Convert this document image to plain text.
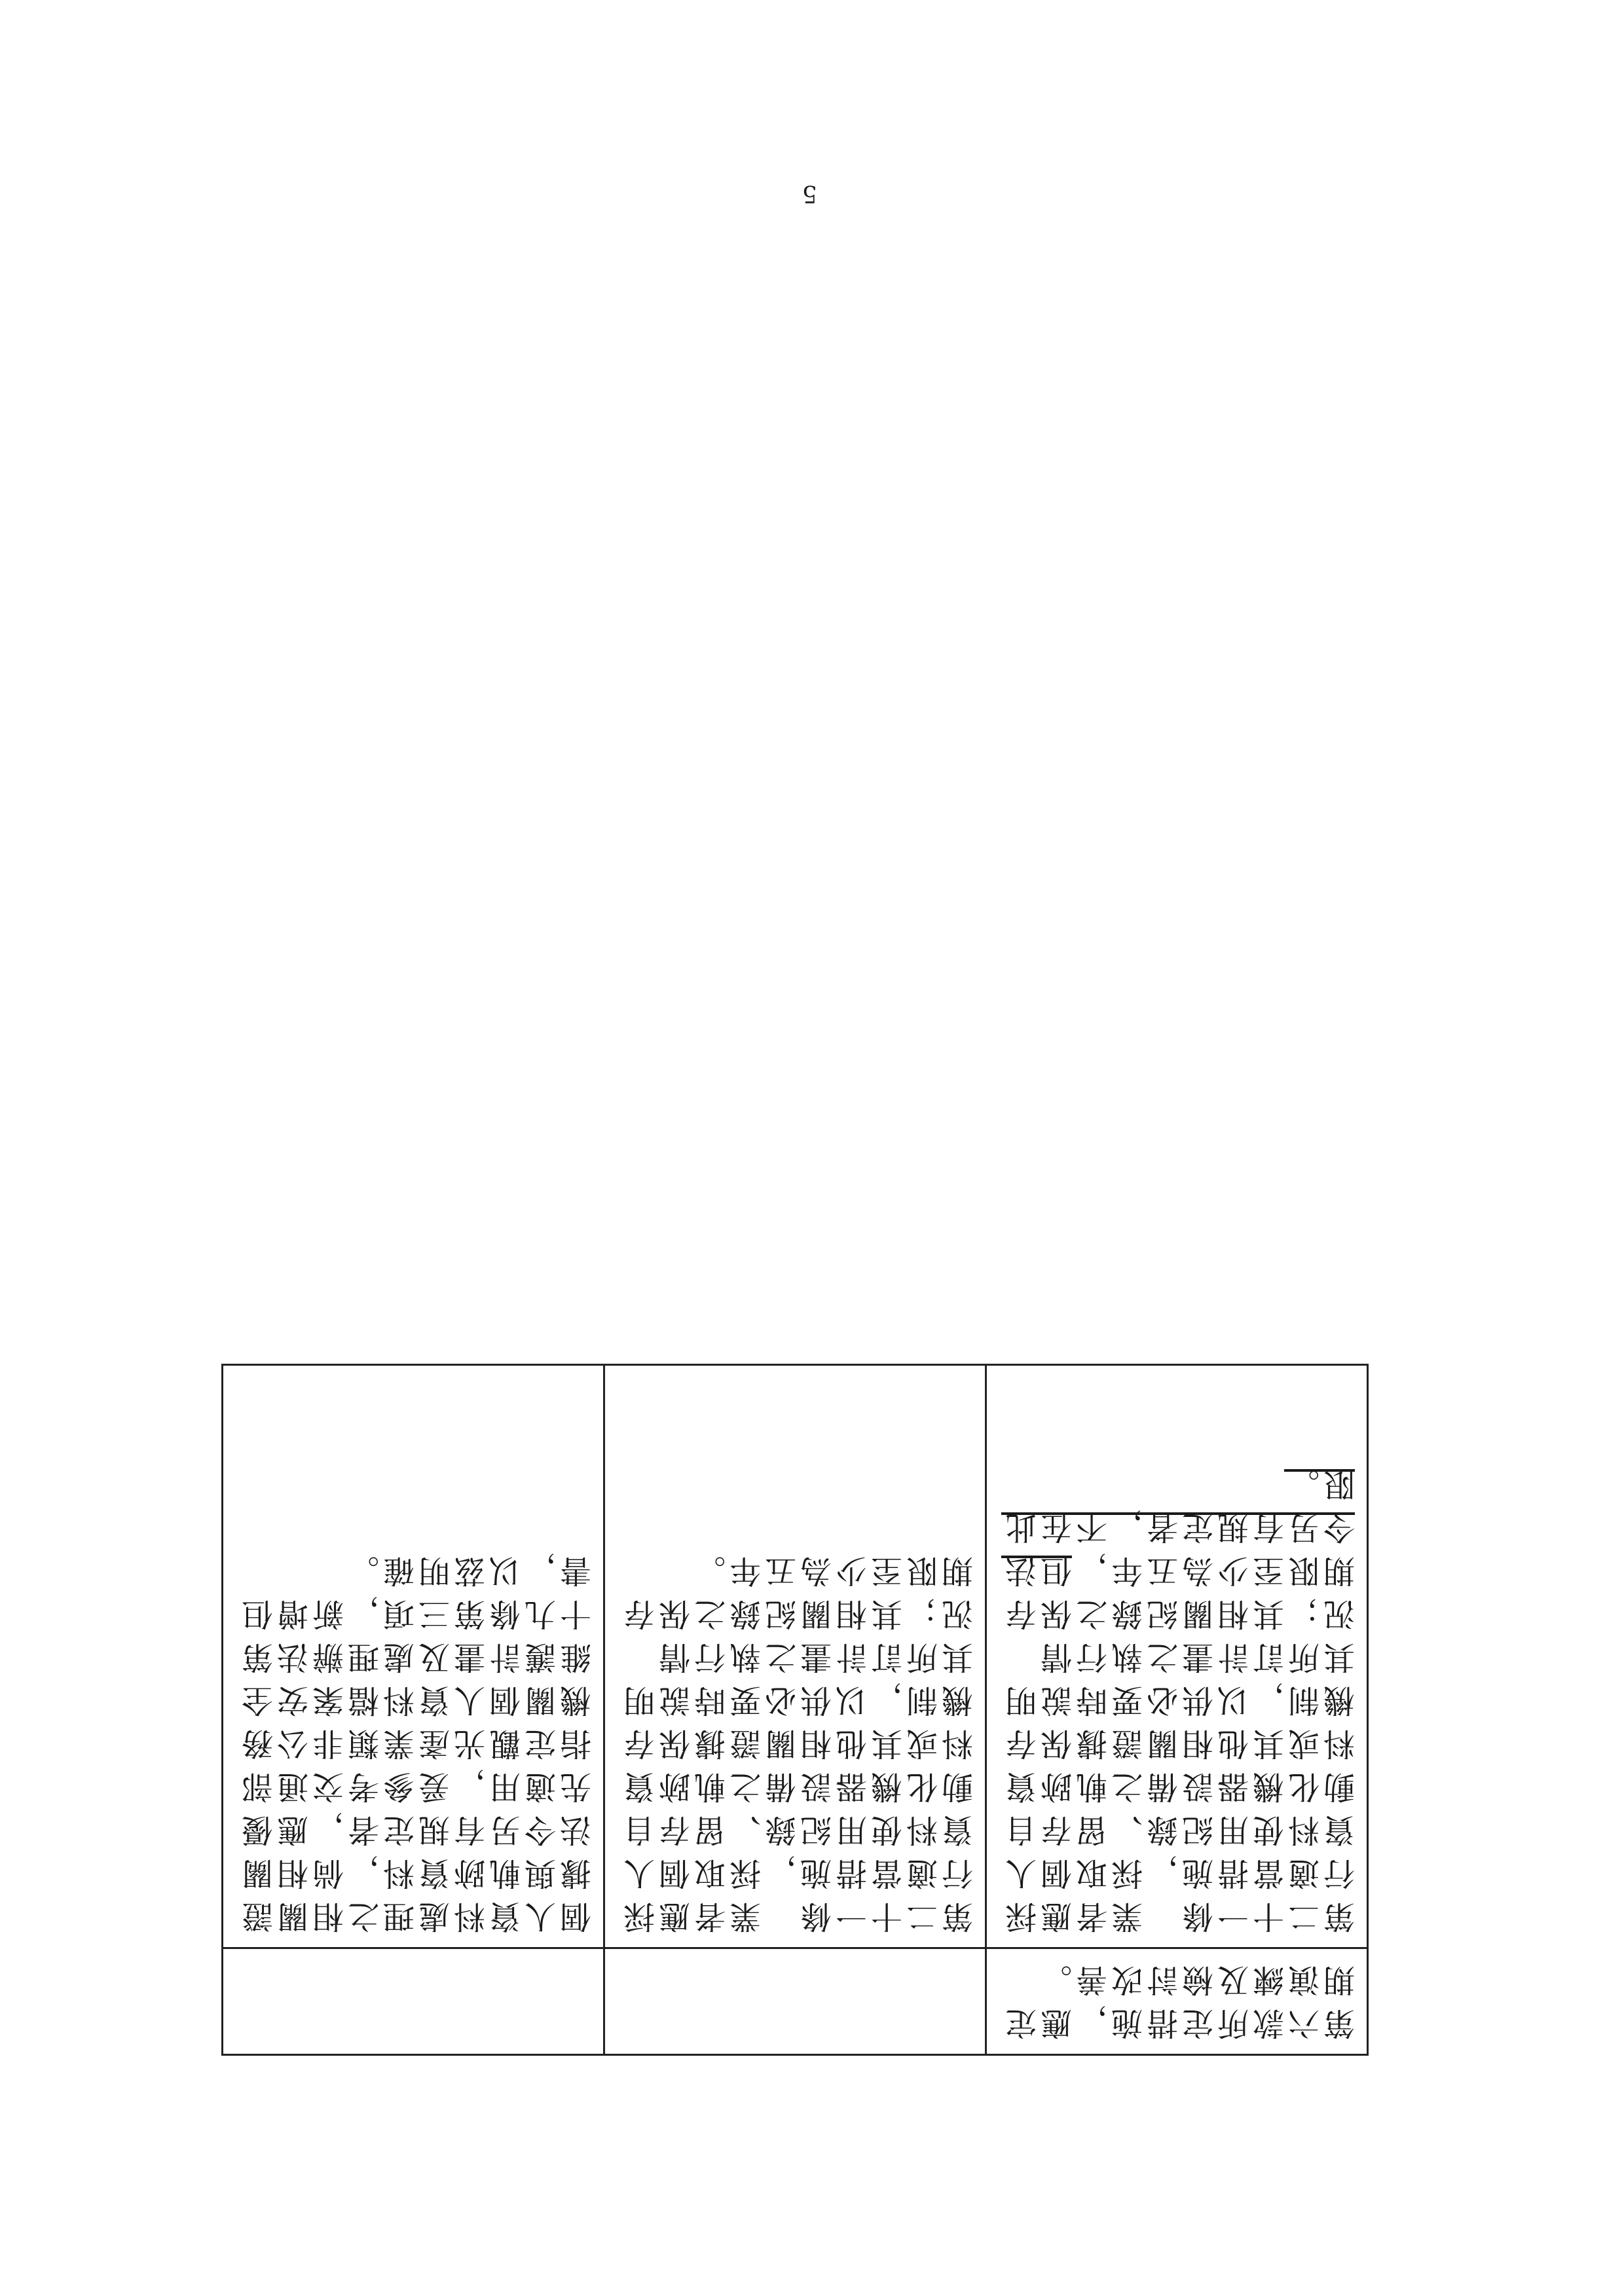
5
第六款所定措施，應定期演練及檢討改善。		
第二十一條　業者應採行適當措施，採取個人資料使用紀錄、留存自動化機器設備之軌跡資料或其他相關證據保存機制，以供必要時說明其所訂計畫之執行情況；其相關紀錄之保存期限至少為五年，但法令另有規定者，不在此限。	第二十一條　業者應採行適當措施，採取個人資料使用紀錄、留存自動化機器設備之軌跡資料或其他相關證據保存機制，以供必要時說明其所訂計畫之執行情況；其相關紀錄之保存期限至少為五年。	個人資料處理之相關證據與軌跡資料，倘相關法令另有規定者，應優先適用，爰參考交通部指定觀光產業類非公務機關個人資料檔案安全維護計畫及處理辦法第十九條第三項，新增但書，以茲明確。
